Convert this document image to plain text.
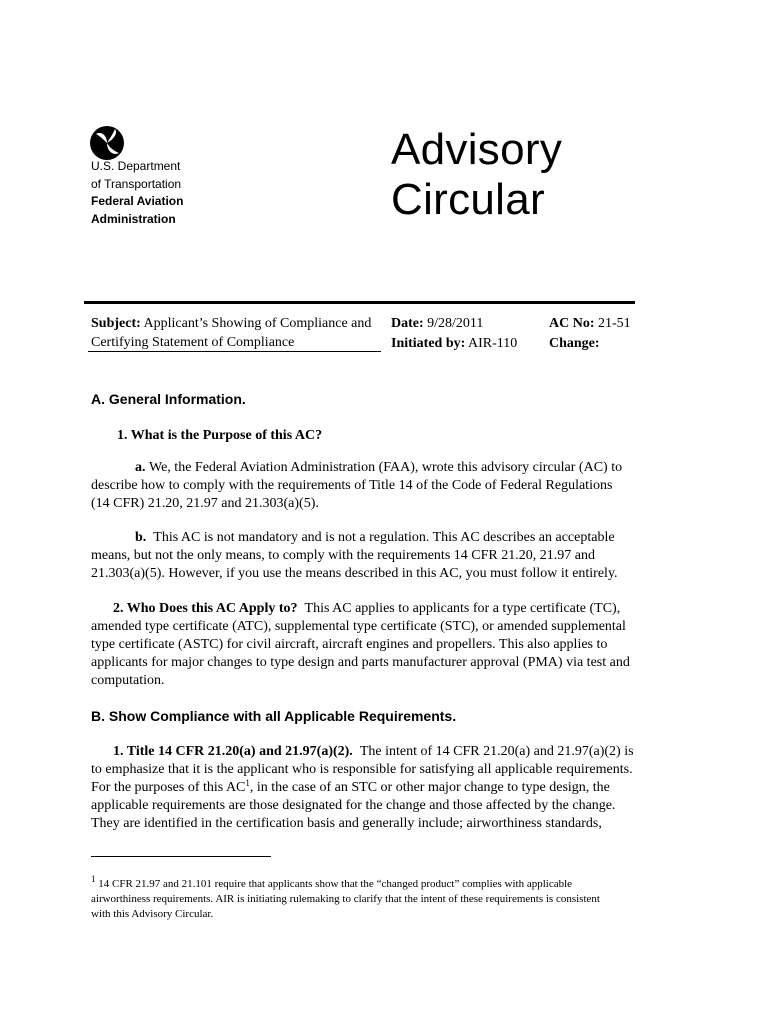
U.S. Department
of Transportation
Federal Aviation
Administration
Advisory
Circular
Subject: Applicant’s Showing of Compliance and
Certifying Statement of Compliance
Date: 9/28/2011
Initiated by: AIR-110
AC No: 21-51
Change:
A. General Information.
1. What is the Purpose of this AC?
a. We, the Federal Aviation Administration (FAA), wrote this advisory circular (AC) to
describe how to comply with the requirements of Title 14 of the Code of Federal Regulations
(14 CFR) 21.20, 21.97 and 21.303(a)(5).
b. This AC is not mandatory and is not a regulation. This AC describes an acceptable
means, but not the only means, to comply with the requirements 14 CFR 21.20, 21.97 and
21.303(a)(5). However, if you use the means described in this AC, you must follow it entirely.
2. Who Does this AC Apply to? This AC applies to applicants for a type certificate (TC),
amended type certificate (ATC), supplemental type certificate (STC), or amended supplemental
type certificate (ASTC) for civil aircraft, aircraft engines and propellers. This also applies to
applicants for major changes to type design and parts manufacturer approval (PMA) via test and
computation.
B. Show Compliance with all Applicable Requirements.
1. Title 14 CFR 21.20(a) and 21.97(a)(2). The intent of 14 CFR 21.20(a) and 21.97(a)(2) is
to emphasize that it is the applicant who is responsible for satisfying all applicable requirements.
For the purposes of this $AC^1$, in the case of an STC or other major change to type design, the
applicable requirements are those designated for the change and those affected by the change.
They are identified in the certification basis and generally include; airworthiness standards,
$^1$ 14 CFR 21.97 and 21.101 require that applicants show that the “changed product” complies with applicable
airworthiness requirements. AIR is initiating rulemaking to clarify that the intent of these requirements is consistent
with this Advisory Circular.
